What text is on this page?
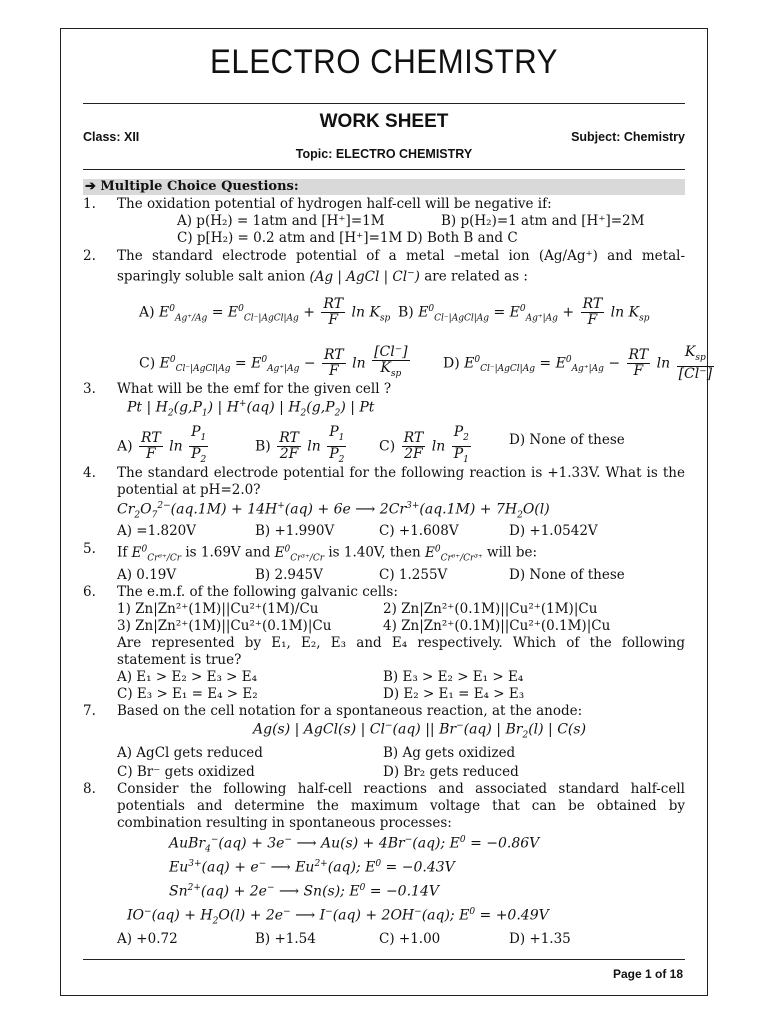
ELECTRO CHEMISTRY
WORK SHEET
Class: XII	Subject: Chemistry
Topic: ELECTRO CHEMISTRY
➔ Multiple Choice Questions:
1. The oxidation potential of hydrogen half-cell will be negative if:
A) p(H₂) = 1atm and [H⁺]=1M	B) p(H₂)=1 atm and [H⁺]=2M
C) p[H₂) = 0.2 atm and [H⁺]=1M D) Both B and C
2. The standard electrode potential of a metal –metal ion (Ag/Ag⁺) and metal-sparingly soluble salt anion (Ag | AgCl | Cl−) are related as :
A) $E^0_{Ag^+/Ag} = E^0_{Cl^-|AgCl|Ag} + \frac{RT}{F}$ $\ln K_{sp}$ B) $E^0_{Cl^-|AgCl|Ag} = E^0_{Ag^+|Ag} + \frac{RT}{F}$ $\ln K_{sp}$
C) $E^0_{Cl^-|AgCl|Ag} = E^0_{Ag^+|Ag} - \frac{RT}{F}$ $\ln \frac{[Cl^-]}{K_{sp}} D$) $E^0_{Cl^-|AgCl|Ag} = E^0_{Ag^+|Ag} - \frac{RT}{F}$ $\ln \frac{K_{sp}}{[Cl^-]}$
3. What will be the emf for the given cell ?
Pt | $H_2(g,P_1)$ | H+(aq) | $H_2(g,P_2)$ | Pt
$A) \frac{RT}{F}$ $\ln \frac{P_1}{P_2}$	$B) \frac{RT}{2F}$ $\ln \frac{P_1}{P_2} C) \frac{RT}{2F}$ $\ln \frac{P_2}{P_1}$	D) None of these
4. The standard electrode potential for the following reaction is +1.33V. What is the potential at pH=2.0?
$Cr_2O_7^{2-}(aq.1M) + 14H^+(aq) + 6e$ ⟶ $2Cr^{3+}(aq.1M) + 7H_2O(l)$
A) =1.820V	B) +1.990V	C) +1.608V	D) +1.0542V
5. If $E^0_{Cr^{6+}/Cr}$ is 1.69V and $E^0_{Cr^{3+}/Cr}$ is 1.40V, then $E^0_{Cr^{6+}/Cr^{3+}}$ will be:
A) 0.19V	B) 2.945V	C) 1.255V	D) None of these
6. The e.m.f. of the following galvanic cells:
1) Zn|Zn²⁺(1M)||Cu²⁺(1M)/Cu	2) Zn|Zn²⁺(0.1M)||Cu²⁺(1M)|Cu
3) Zn|Zn²⁺(1M)||Cu²⁺(0.1M)|Cu	4) Zn|Zn²⁺(0.1M)||Cu²⁺(0.1M)|Cu
Are represented by E₁, E₂, E₃ and E₄ respectively. Which of the following statement is true?
A) E₁ > E₂ > E₃ > E₄	B) E₃ > E₂ > E₁ > E₄
C) E₃ > E₁ = E₄ > E₂	D) E₂ > E₁ = E₄ > E₃
7. Based on the cell notation for a spontaneous reaction, at the anode:
Ag(s) | AgCl(s) | Cl−(aq) || Br−(aq) | $Br_2(l)$ | C(s)
A) AgCl gets reduced	B) Ag gets oxidized
C) Br⁻ gets oxidized	D) Br₂ gets reduced
8. Consider the following half-cell reactions and associated standard half-cell potentials and determine the maximum voltage that can be obtained by combination resulting in spontaneous processes:
AuBr$_4$−(aq) + 3e− ⟶ Au(s) + 4Br−(aq); $E^0 = -0.86V$
$Eu^{3+}(aq) + e^-$ ⟶ $Eu^{2+}(aq)$; $E^0 = -0.43V$
$Sn^{2+}(aq) + 2e^-$ ⟶ Sn(s); $E^0 = -0.14V$
$IO^-(aq) + H_2O(l) + 2e^-$ ⟶ I−(aq) + 2OH−(aq); $E^0 = +0.49V$
A) +0.72	B) +1.54	C) +1.00	D) +1.35
Page 1 of 18
